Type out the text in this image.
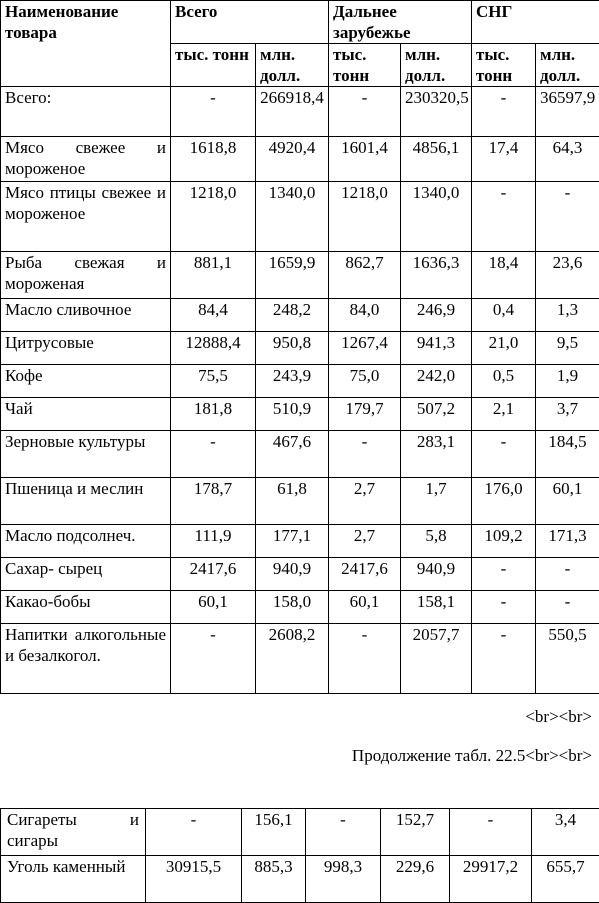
Наименование товара	Всего		Дальнее зарубежье		СНГ	
	тыс. тонн	млн. долл.	тыс. тонн	млн. долл.	тыс. тонн	млн. долл.
Всего:	-	266918,4	-	230320,5	-	36597,9
Мясо свежее и мороженое	1618,8	4920,4	1601,4	4856,1	17,4	64,3
Мясо птицы свежее и мороженое	1218,0	1340,0	1218,0	1340,0	-	-
Рыба свежая и мороженая	881,1	1659,9	862,7	1636,3	18,4	23,6
Масло сливочное	84,4	248,2	84,0	246,9	0,4	1,3
Цитрусовые	12888,4	950,8	1267,4	941,3	21,0	9,5
Кофе	75,5	243,9	75,0	242,0	0,5	1,9
Чай	181,8	510,9	179,7	507,2	2,1	3,7
Зерновые культуры	-	467,6	-	283,1	-	184,5
Пшеница и меслин	178,7	61,8	2,7	1,7	176,0	60,1
Масло подсолнеч.	111,9	177,1	2,7	5,8	109,2	171,3
Сахар- сырец	2417,6	940,9	2417,6	940,9	-	-
Какао-бобы	60,1	158,0	60,1	158,1	-	-
Напитки алкогольные и безалкогол.	-	2608,2	-	2057,7	-	550,5
<br><br>
Продолжение табл. 22.5<br><br>
Сигареты и сигары	-	156,1	-	152,7	-	3,4
Уголь каменный	30915,5	885,3	998,3	229,6	29917,2	655,7
